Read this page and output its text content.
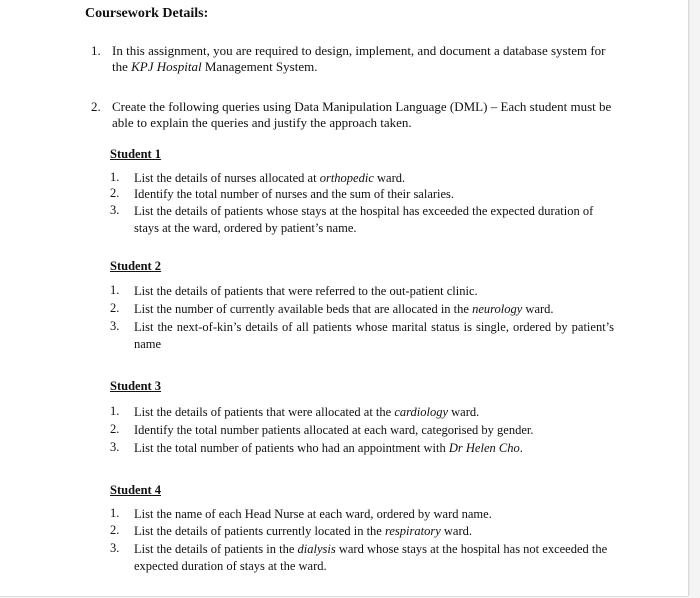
Coursework Details:
1. In this assignment, you are required to design, implement, and document a database system for the KPJ Hospital Management System.
2. Create the following queries using Data Manipulation Language (DML) – Each student must be able to explain the queries and justify the approach taken.
Student 1
1. List the details of nurses allocated at orthopedic ward.
2. Identify the total number of nurses and the sum of their salaries.
3. List the details of patients whose stays at the hospital has exceeded the expected duration of stays at the ward, ordered by patient’s name.
Student 2
1. List the details of patients that were referred to the out-patient clinic.
2. List the number of currently available beds that are allocated in the neurology ward.
3. List the next-of-kin’s details of all patients whose marital status is single, ordered by patient’s name
Student 3
1. List the details of patients that were allocated at the cardiology ward.
2. Identify the total number patients allocated at each ward, categorised by gender.
3. List the total number of patients who had an appointment with Dr Helen Cho.
Student 4
1. List the name of each Head Nurse at each ward, ordered by ward name.
2. List the details of patients currently located in the respiratory ward.
3. List the details of patients in the dialysis ward whose stays at the hospital has not exceeded the expected duration of stays at the ward.
